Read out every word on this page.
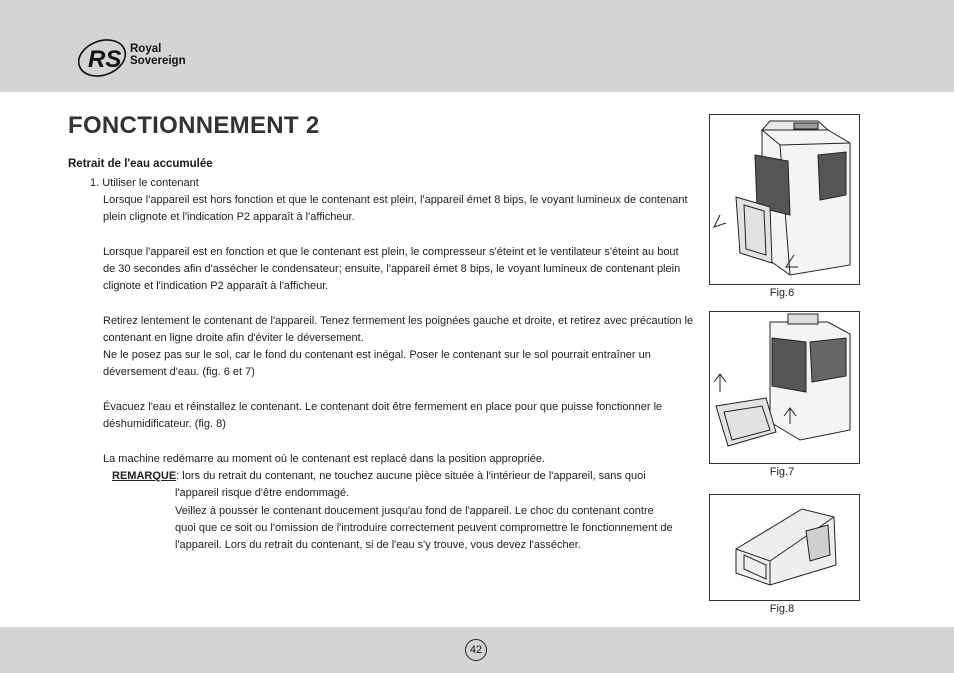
RS Royal
Sovereign
FONCTIONNEMENT 2
Retrait de l'eau accumulée

1. Utiliser le contenant

Lorsque l'appareil est hors fonction et que le contenant est plein, l'appareil émet 8 bips, le voyant lumineux de contenant

plein clignote et l'indication P2 apparaît à l'afficheur.

Lorsque l'appareil est en fonction et que le contenant est plein, le compresseur s'éteint et le ventilateur s'éteint au bout

de 30 secondes afin d'assécher le condensateur; ensuite, l'appareil émet 8 bips, le voyant lumineux de contenant plein

clignote et l'indication P2 apparaît à l'afficheur.

Retirez lentement le contenant de l'appareil. Tenez fermement les poignées gauche et droite, et retirez avec précaution le

contenant en ligne droite afin d'éviter le déversement.

Ne le posez pas sur le sol, car le fond du contenant est inégal. Poser le contenant sur le sol pourrait entraîner un

déversement d'eau. (fig. 6 et 7)

Évacuez l'eau et réinstallez le contenant. Le contenant doit être fermement en place pour que puisse fonctionner le

déshumidificateur. (fig. 8)

La machine redémarre au moment où le contenant est replacé dans la position appropriée.

REMARQUE: lors du retrait du contenant, ne touchez aucune pièce située à l'intérieur de l'appareil, sans quoi

l'appareil risque d'être endommagé.

Veillez à pousser le contenant doucement jusqu'au fond de l'appareil. Le choc du contenant contre

quoi que ce soit ou l'omission de l'introduire correctement peuvent compromettre le fonctionnement de

l'appareil. Lors du retrait du contenant, si de l'eau s'y trouve, vous devez l'assécher.

Fig.6
Fig.7
Fig.8
42
